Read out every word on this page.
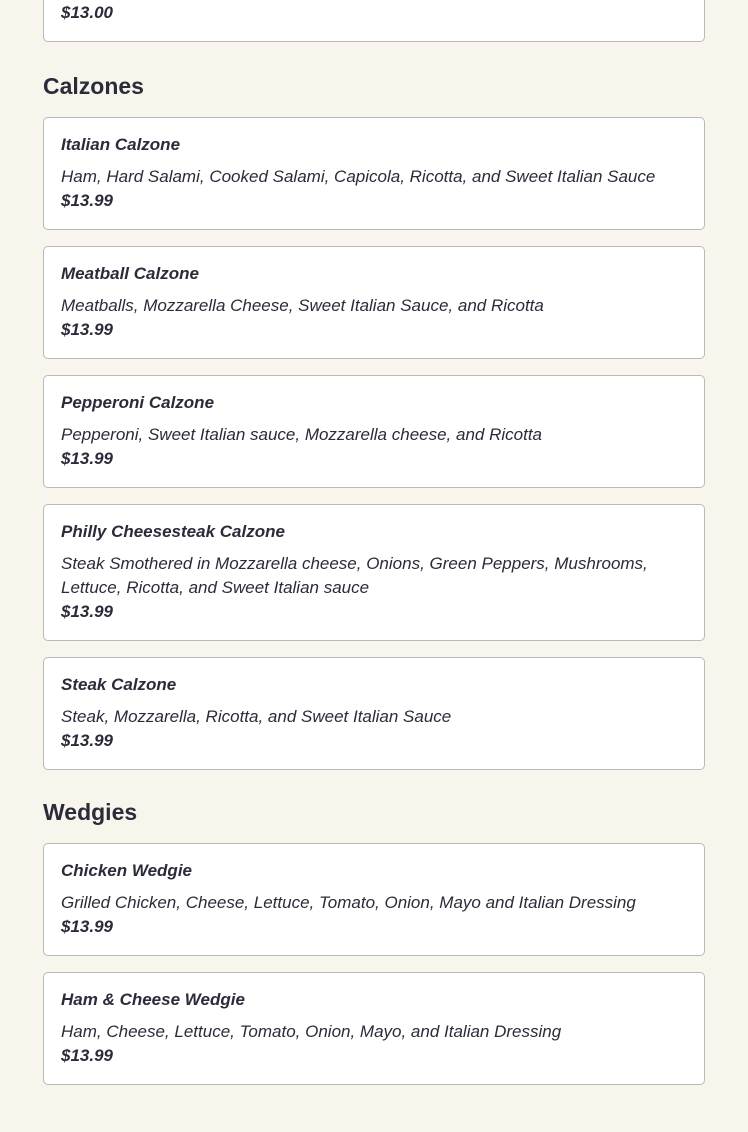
$13.00
Calzones
Italian Calzone
Ham, Hard Salami, Cooked Salami, Capicola, Ricotta, and Sweet Italian Sauce
$13.99
Meatball Calzone
Meatballs, Mozzarella Cheese, Sweet Italian Sauce, and Ricotta
$13.99
Pepperoni Calzone
Pepperoni, Sweet Italian sauce, Mozzarella cheese, and Ricotta
$13.99
Philly Cheesesteak Calzone
Steak Smothered in Mozzarella cheese, Onions, Green Peppers, Mushrooms, Lettuce, Ricotta, and Sweet Italian sauce
$13.99
Steak Calzone
Steak, Mozzarella, Ricotta, and Sweet Italian Sauce
$13.99
Wedgies
Chicken Wedgie
Grilled Chicken, Cheese, Lettuce, Tomato, Onion, Mayo and Italian Dressing
$13.99
Ham & Cheese Wedgie
Ham, Cheese, Lettuce, Tomato, Onion, Mayo, and Italian Dressing
$13.99
